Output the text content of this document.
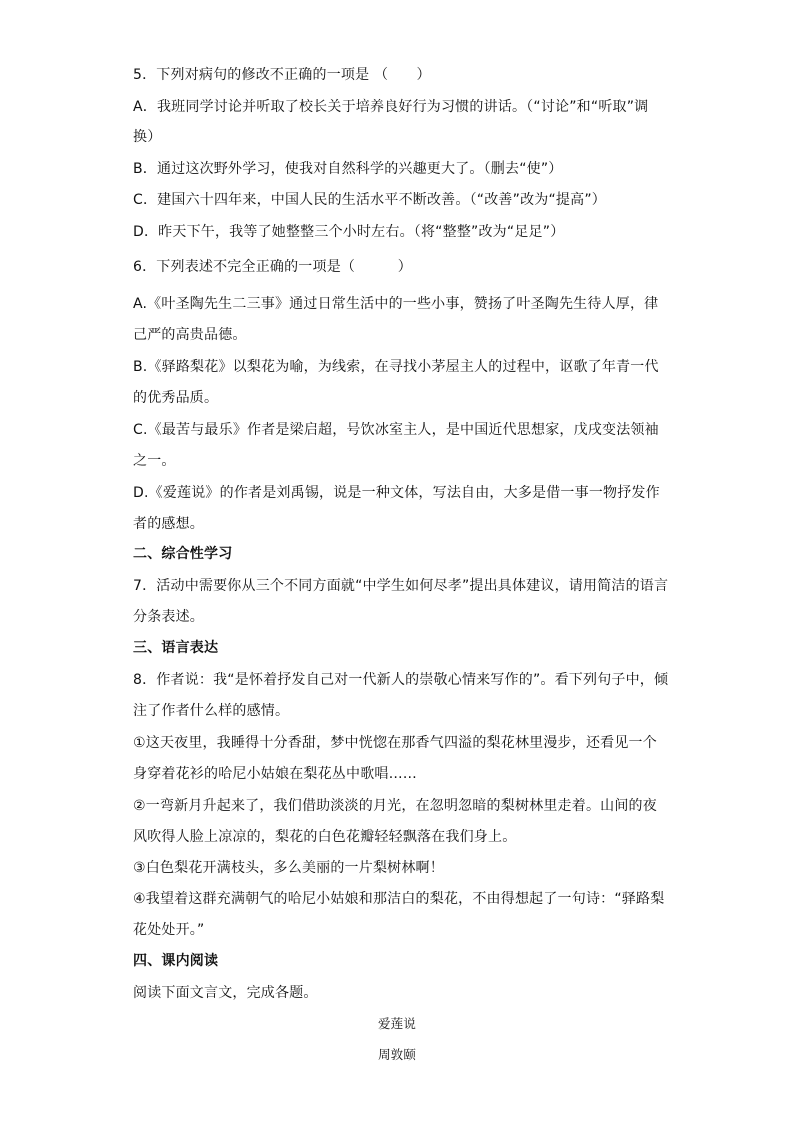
5．下列对病句的修改不正确的一项是 （　　）
A．我班同学讨论并听取了校长关于培养良好行为习惯的讲话。（“讨论”和“听取”调
换）
B．通过这次野外学习，使我对自然科学的兴趣更大了。（删去“使”）
C．建国六十四年来，中国人民的生活水平不断改善。（“改善”改为“提高”）
D．昨天下午，我等了她整整三个小时左右。（将“整整”改为“足足”）
6．下列表述不完全正确的一项是（　　　）
A.《叶圣陶先生二三事》通过日常生活中的一些小事，赞扬了叶圣陶先生待人厚，律
己严的高贵品德。
B.《驿路梨花》以梨花为喻，为线索，在寻找小茅屋主人的过程中，讴歌了年青一代
的优秀品质。
C.《最苦与最乐》作者是梁启超，号饮冰室主人，是中国近代思想家，戊戌变法领袖
之一。
D.《爱莲说》的作者是刘禹锡，说是一种文体，写法自由，大多是借一事一物抒发作
者的感想。
二、综合性学习
7．活动中需要你从三个不同方面就“中学生如何尽孝”提出具体建议，请用简洁的语言
分条表述。
三、语言表达
8．作者说：我“是怀着抒发自己对一代新人的崇敬心情来写作的”。看下列句子中，倾
注了作者什么样的感情。
①这天夜里，我睡得十分香甜，梦中恍惚在那香气四溢的梨花林里漫步，还看见一个
身穿着花衫的哈尼小姑娘在梨花丛中歌唱……
②一弯新月升起来了，我们借助淡淡的月光，在忽明忽暗的梨树林里走着。山间的夜
风吹得人脸上凉凉的，梨花的白色花瓣轻轻飘落在我们身上。
③白色梨花开满枝头，多么美丽的一片梨树林啊！
④我望着这群充满朝气的哈尼小姑娘和那洁白的梨花，不由得想起了一句诗：“驿路梨
花处处开。”
四、课内阅读
阅读下面文言文，完成各题。
爱莲说
周敦颐
